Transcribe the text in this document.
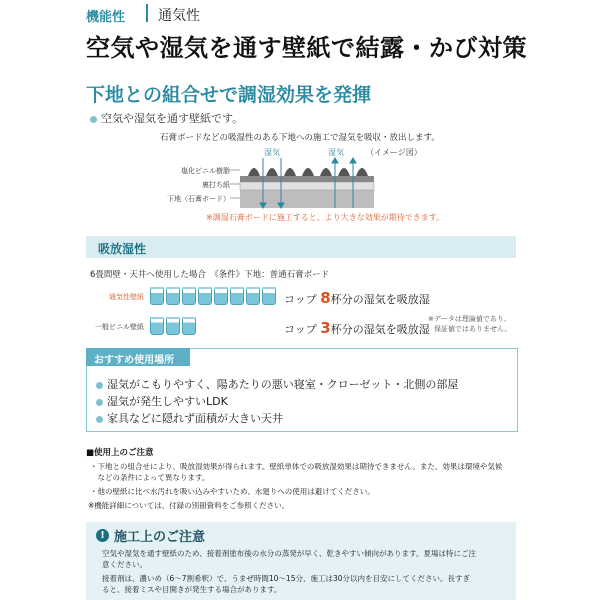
機能性 通気性
空気や湿気を通す壁紙で結露・かび対策
下地との組合せで調湿効果を発揮
空気や湿気を通す壁紙です。
石膏ボードなどの吸湿性のある下地への施工で湿気を吸収・放出します。
（イメージ図）
湿気	湿気
塩化ビニル樹脂
裏打ち紙
下地（石膏ボード）
※調湿石膏ボードに施工すると、より大きな効果が期待できます。
吸放湿性
6畳間壁・天井へ使用した場合　《条件》下地：普通石膏ボード
通気性壁紙	コップ 8杯分の湿気を吸放湿
一般ビニル壁紙	コップ 3杯分の湿気を吸放湿
※データは理論値であり、
保証値ではありません。
おすすめ使用場所
湿気がこもりやすく、陽あたりの悪い寝室・クローゼット・北側の部屋
湿気が発生しやすいLDK
家具などに隠れず面積が大きい天井
■使用上のご注意
・下地との組合せにより、吸放湿効果が得られます。壁紙単体での吸放湿効果は期待できません。また、効果は環境や気候
　などの条件によって異なります。
・他の壁紙に比べ水汚れを吸い込みやすいため、水廻りへの使用は避けてください。
※機能詳細については、付録の別冊資料をご参照ください。
! 施工上のご注意
空気や湿気を通す壁紙のため、接着剤塗布後の水分の蒸発が早く、乾きやすい傾向があります。夏場は特にご注
意ください。
接着剤は、濃いめ（6～7割希釈）で、うまぜ時間10～15分、施工は30分以内を目安にしてください。長すぎ
ると、接着ミスや目開きが発生する場合があります。
